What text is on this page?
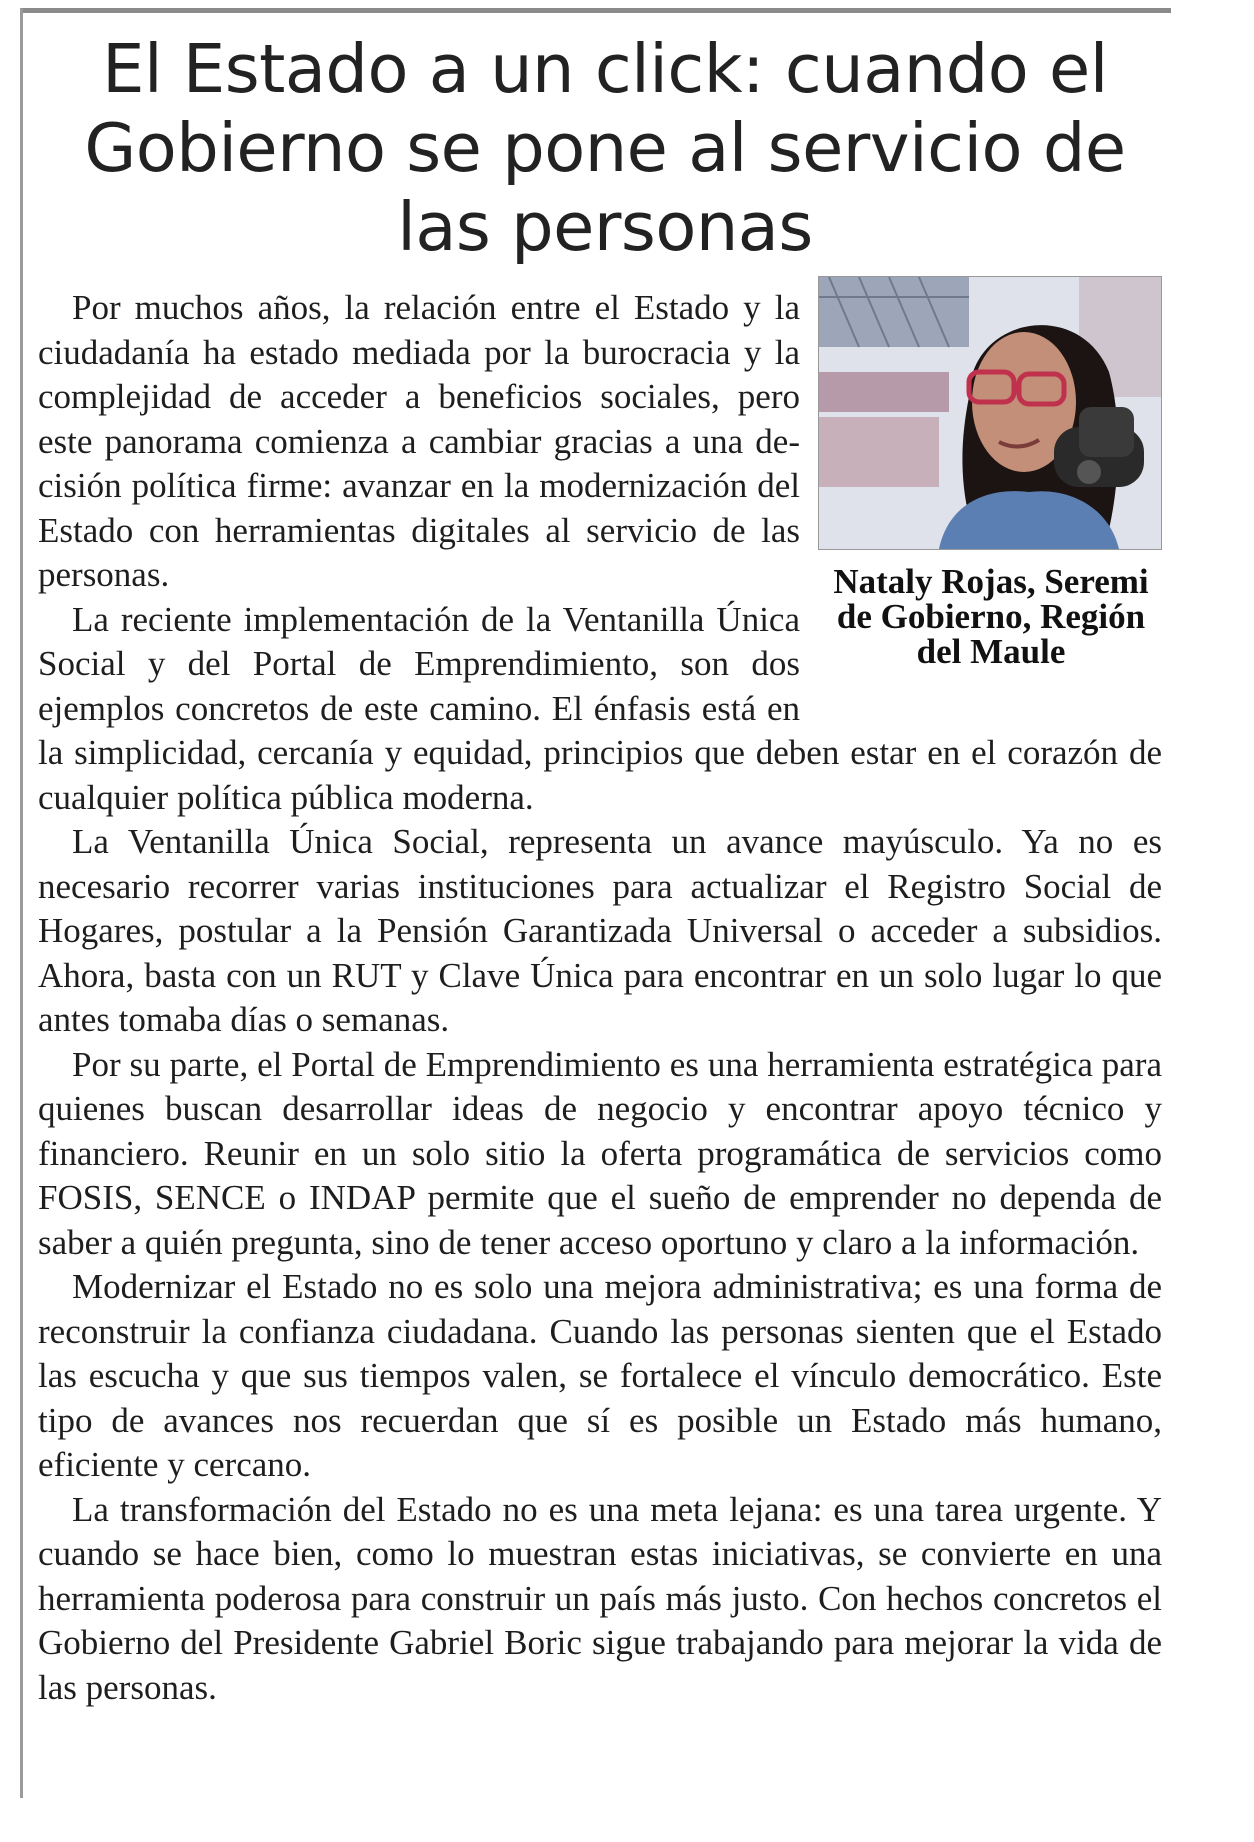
El Estado a un click: cuando el Gobierno se pone al servicio de las personas
Nataly Rojas, Seremi de Gobierno, Región del Maule

Por muchos años, la relación entre el Estado y la ciudadanía ha estado mediada por la burocracia y la complejidad de acceder a beneficios sociales, pero este panorama comienza a cambiar gracias a una decisión política firme: avanzar en la modernización del Estado con herramientas digitales al servicio de las personas.

La reciente implementación de la Ventanilla Única Social y del Portal de Emprendimiento, son dos ejemplos concretos de este camino. El énfasis está en la simplicidad, cercanía y equidad, principios que deben estar en el corazón de cualquier política pública moderna.

La Ventanilla Única Social, representa un avance mayúsculo. Ya no es necesario recorrer varias instituciones para actualizar el Registro Social de Hogares, postular a la Pensión Garantizada Universal o acceder a subsidios. Ahora, basta con un RUT y Clave Única para encontrar en un solo lugar lo que antes tomaba días o semanas.

Por su parte, el Portal de Emprendimiento es una herramienta estratégica para quienes buscan desarrollar ideas de negocio y encontrar apoyo técnico y financiero. Reunir en un solo sitio la oferta programática de servicios como FOSIS, SENCE o INDAP permite que el sueño de emprender no dependa de saber a quién pregunta, sino de tener acceso oportuno y claro a la información.

Modernizar el Estado no es solo una mejora administrativa; es una forma de reconstruir la confianza ciudadana. Cuando las personas sienten que el Estado las escucha y que sus tiempos valen, se fortalece el vínculo democrático. Este tipo de avances nos recuerdan que sí es posible un Estado más humano, eficiente y cercano.

La transformación del Estado no es una meta lejana: es una tarea urgente. Y cuando se hace bien, como lo muestran estas iniciativas, se convierte en una herramienta poderosa para construir un país más justo. Con hechos concretos el Gobierno del Presidente Gabriel Boric sigue trabajando para mejorar la vida de las personas.
